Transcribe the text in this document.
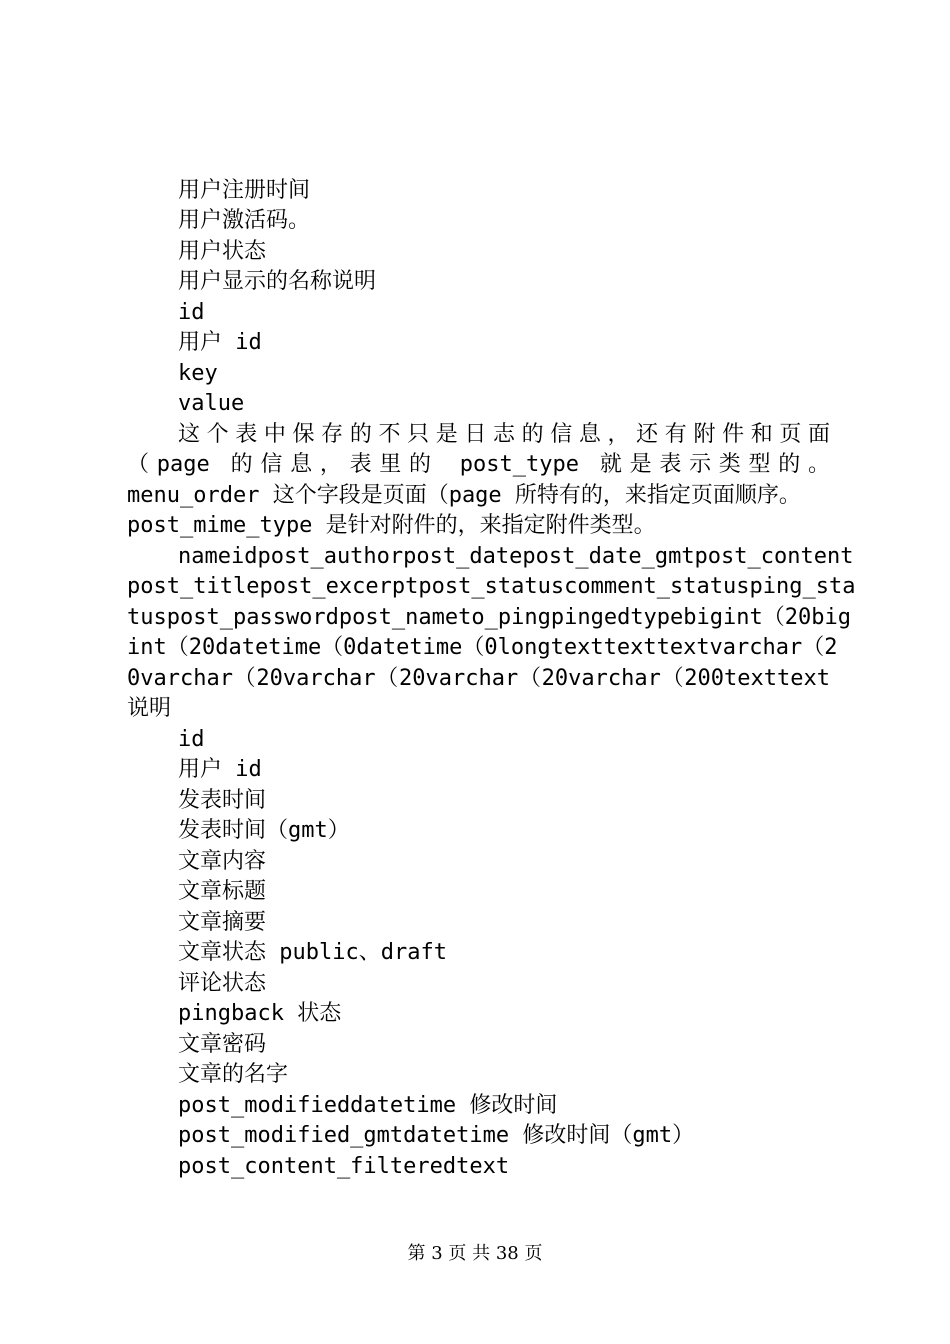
用户注册时间
用户激活码。
用户状态
用户显示的名称说明
id
用户 id
key
value
这个表中保存的不只是日志的信息，还有附件和页面
（page 的信息，表里的 post_type 就是表示类型的。
menu_order 这个字段是页面（page 所特有的，来指定页面顺序。
post_mime_type 是针对附件的，来指定附件类型。
nameidpost_authorpost_datepost_date_gmtpost_content
post_titlepost_excerptpost_statuscomment_statusping_sta
tuspost_passwordpost_nameto_pingpingedtypebigint（20big
int（20datetime（0datetime（0longtexttexttextvarchar（2
0varchar（20varchar（20varchar（20varchar（200texttext
说明
id
用户 id
发表时间
发表时间（gmt）
文章内容
文章标题
文章摘要
文章状态 public、draft
评论状态
pingback 状态
文章密码
文章的名字
post_modifieddatetime 修改时间
post_modified_gmtdatetime 修改时间（gmt）
post_content_filteredtext
第 3 页 共 38 页
